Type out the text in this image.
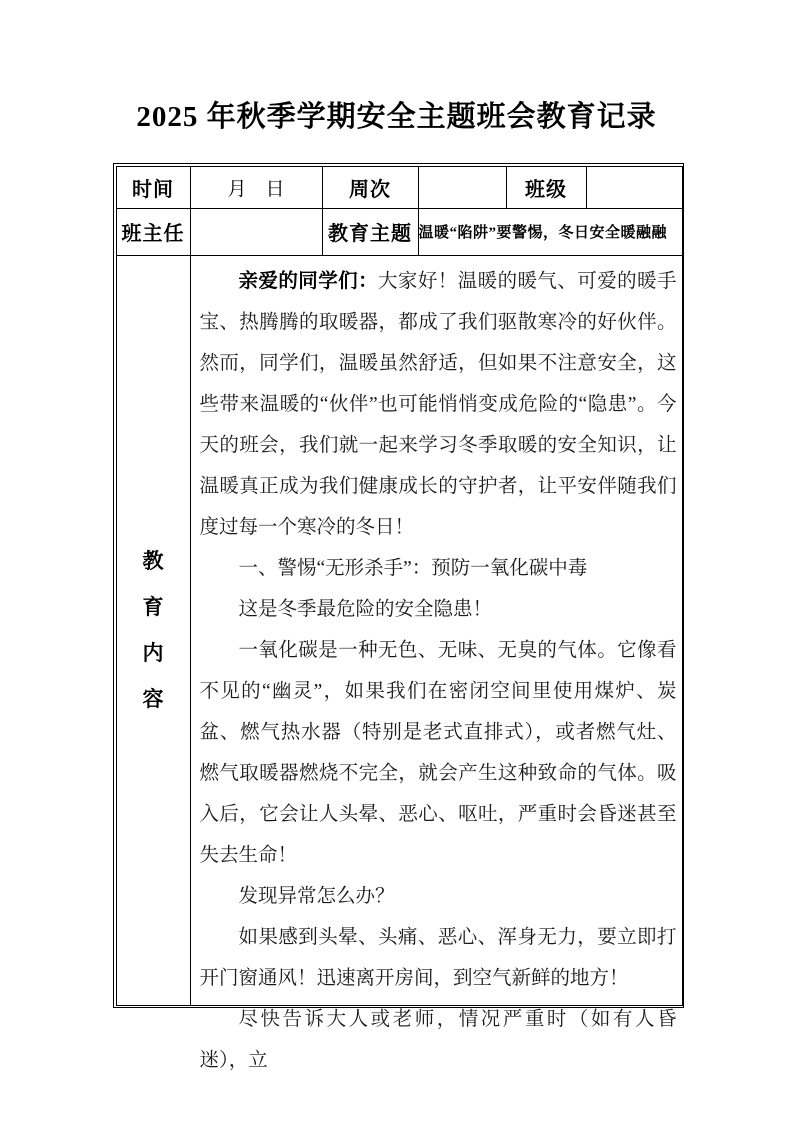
2025 年秋季学期安全主题班会教育记录
时间	月　日	周次		班级	
班主任		教育主题	温暖“陷阱”要警惕，冬日安全暖融融		

教
育
内
容

亲爱的同学们：大家好！温暖的暖气、可爱的暖手宝、热腾腾的取暖器，都成了我们驱散寒冷的好伙伴。然而，同学们，温暖虽然舒适，但如果不注意安全，这些带来温暖的“伙伴”也可能悄悄变成危险的“隐患”。今天的班会，我们就一起来学习冬季取暖的安全知识，让温暖真正成为我们健康成长的守护者，让平安伴随我们度过每一个寒冷的冬日！

一、警惕“无形杀手”：预防一氧化碳中毒

这是冬季最危险的安全隐患！

一氧化碳是一种无色、无味、无臭的气体。它像看不见的“幽灵”，如果我们在密闭空间里使用煤炉、炭盆、燃气热水器（特别是老式直排式），或者燃气灶、燃气取暖器燃烧不完全，就会产生这种致命的气体。吸入后，它会让人头晕、恶心、呕吐，严重时会昏迷甚至失去生命！

发现异常怎么办？

如果感到头晕、头痛、恶心、浑身无力，要立即打开门窗通风！迅速离开房间，到空气新鲜的地方！

尽快告诉大人或老师，情况严重时（如有人昏迷），立
